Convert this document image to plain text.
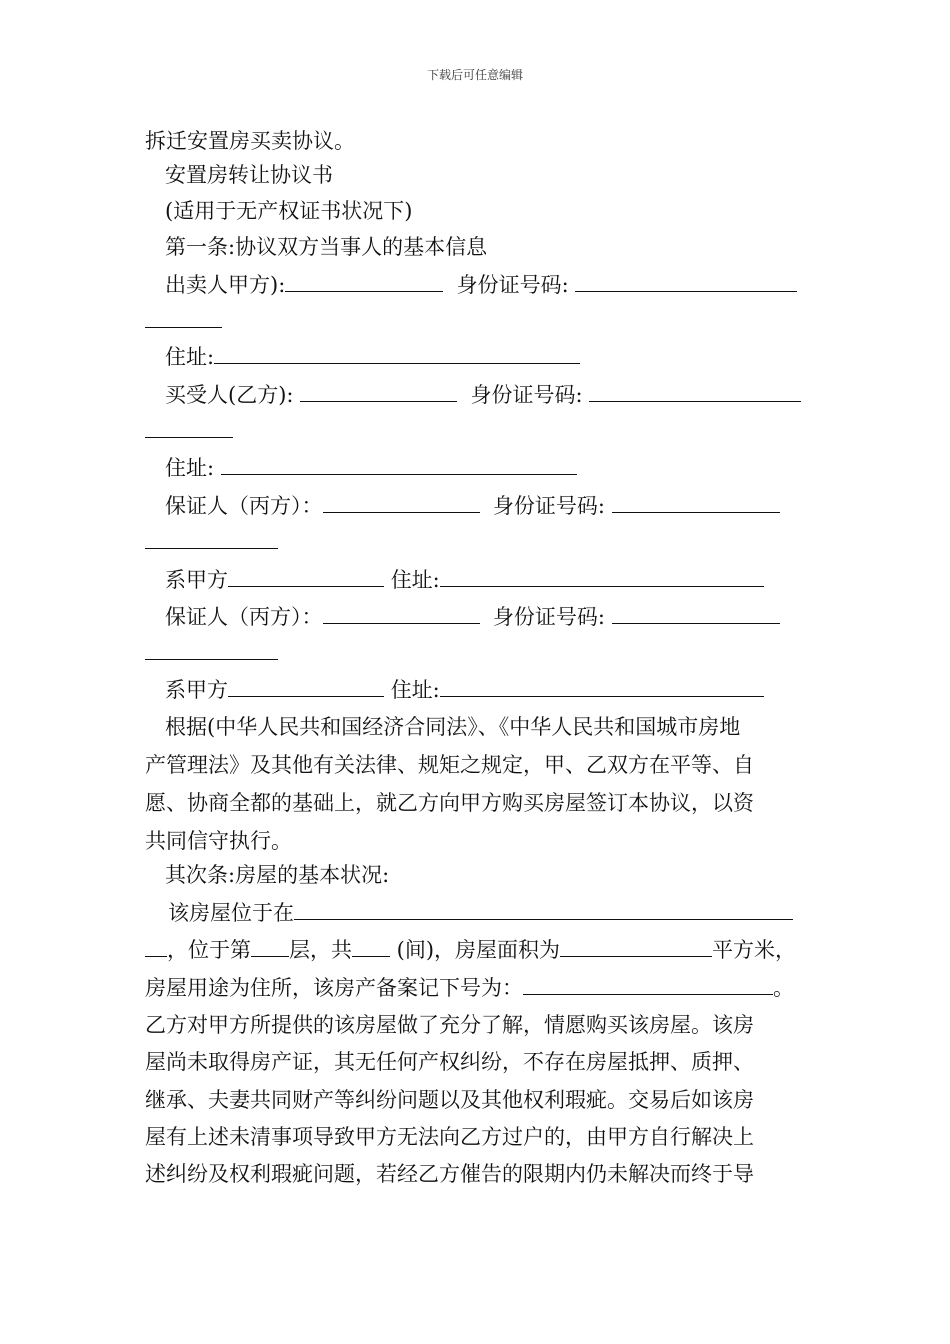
下载后可任意编辑
拆迁安置房买卖协议。
安置房转让协议书
(适用于无产权证书状况下)
第一条:协议双方当事人的基本信息
出卖人甲方):	身份证号码:
住址:
买受人(乙方):	身份证号码:
住址:
保证人（丙方）：	身份证号码:
系甲方	住址:
保证人（丙方）：	身份证号码:
系甲方	住址:
根据(中华人民共和国经济合同法》、《中华人民共和国城市房地
产管理法》及其他有关法律、规矩之规定，甲、乙双方在平等、自
愿、协商全都的基础上，就乙方向甲方购买房屋签订本协议，以资
共同信守执行。
其次条:房屋的基本状况:
该房屋位于在
，位于第 层，共 (间)，房屋面积为	平方米，
房屋用途为住所，该房产备案记下号为：	。
乙方对甲方所提供的该房屋做了充分了解，情愿购买该房屋。该房
屋尚未取得房产证，其无任何产权纠纷，不存在房屋抵押、质押、
继承、夫妻共同财产等纠纷问题以及其他权利瑕疵。交易后如该房
屋有上述未清事项导致甲方无法向乙方过户的，由甲方自行解决上
述纠纷及权利瑕疵问题，若经乙方催告的限期内仍未解决而终于导
